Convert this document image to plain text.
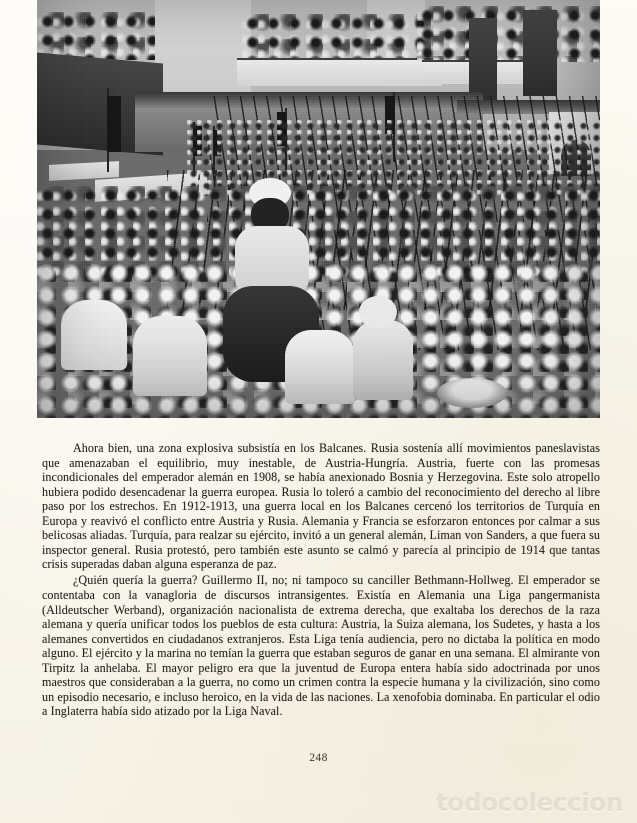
Ahora bien, una zona explosiva subsistía en los Balcanes. Rusia sostenía allí movimientos paneslavistas que amenazaban el equilibrio, muy inestable, de Austria-Hungría. Austria, fuerte con las promesas incondicionales del emperador alemán en 1908, se había anexionado Bosnia y Herzegovina. Este solo atropello hubiera podido desencadenar la guerra europea. Rusia lo toleró a cambio del reconocimiento del derecho al libre paso por los estrechos. En 1912-1913, una guerra local en los Balcanes cercenó los territorios de Turquía en Europa y reavivó el conflicto entre Austria y Rusia. Alemania y Francia se esforzaron entonces por calmar a sus belicosas aliadas. Turquía, para realzar su ejército, invitó a un general alemán, Liman von Sanders, a que fuera su inspector general. Rusia protestó, pero también este asunto se calmó y parecía al principio de 1914 que tantas crisis superadas daban alguna esperanza de paz.

¿Quién quería la guerra? Guillermo II, no; ni tampoco su canciller Bethmann-Hollweg. El emperador se contentaba con la vanagloria de discursos intransigentes. Existía en Alemania una Liga pangermanista (Alldeutscher Werband), organización nacionalista de extrema derecha, que exaltaba los derechos de la raza alemana y quería unificar todos los pueblos de esta cultura: Austria, la Suiza alemana, los Sudetes, y hasta a los alemanes convertidos en ciudadanos extranjeros. Esta Liga tenía audiencia, pero no dictaba la política en modo alguno. El ejército y la marina no temían la guerra que estaban seguros de ganar en una semana. El almirante von Tirpitz la anhelaba. El mayor peligro era que la juventud de Europa entera había sido adoctrinada por unos maestros que consideraban a la guerra, no como un crimen contra la especie humana y la civilización, sino como un episodio necesario, e incluso heroico, en la vida de las naciones. La xenofobia dominaba. En particular el odio a Inglaterra había sido atizado por la Liga Naval.

248
todocoleccion
